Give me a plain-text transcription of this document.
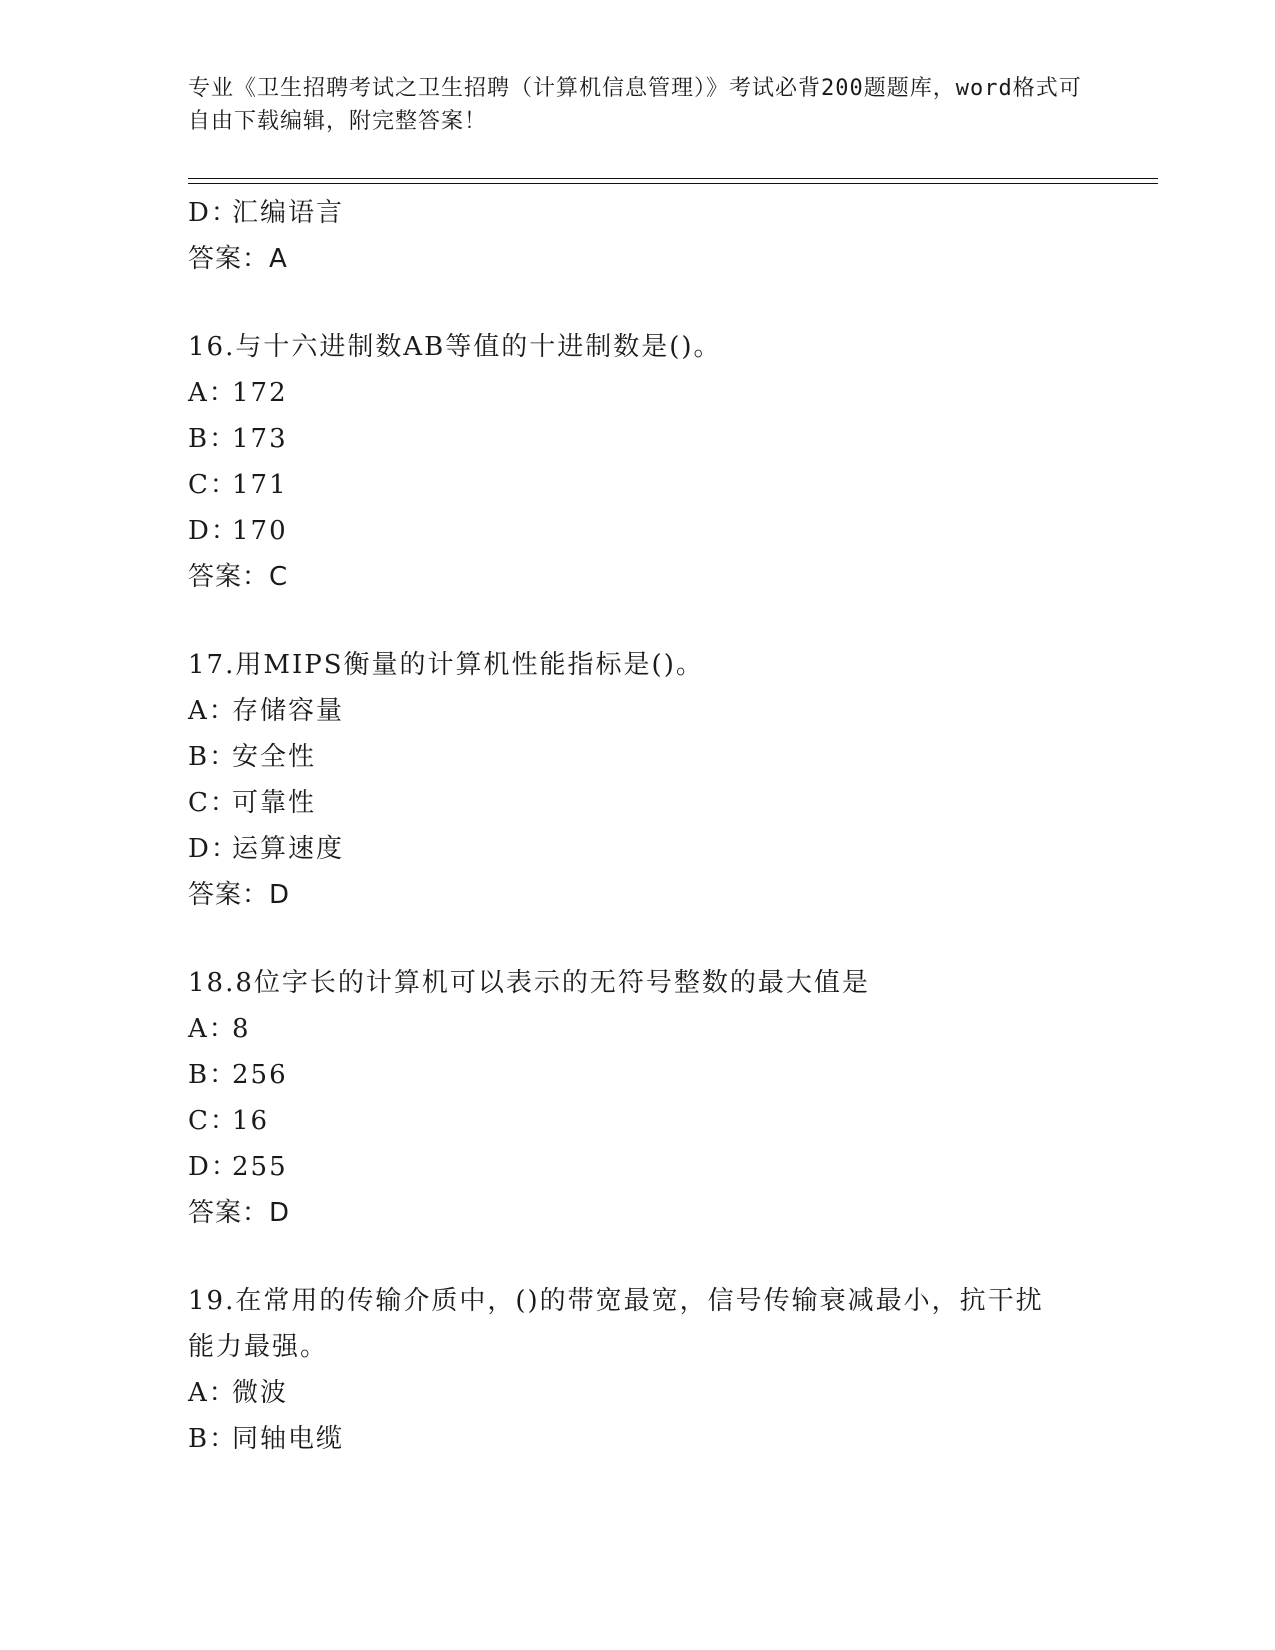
专业《卫生招聘考试之卫生招聘（计算机信息管理）》考试必背200题题库，word格式可自由下载编辑，附完整答案！
D：汇编语言
答案：A
16.与十六进制数AB等值的十进制数是()。
A：172
B：173
C：171
D：170
答案：C
17.用MIPS衡量的计算机性能指标是()。
A：存储容量
B：安全性
C：可靠性
D：运算速度
答案：D
18.8位字长的计算机可以表示的无符号整数的最大值是
A：8
B：256
C：16
D：255
答案：D
19.在常用的传输介质中，()的带宽最宽，信号传输衰减最小，抗干扰能力最强。
A：微波
B：同轴电缆
